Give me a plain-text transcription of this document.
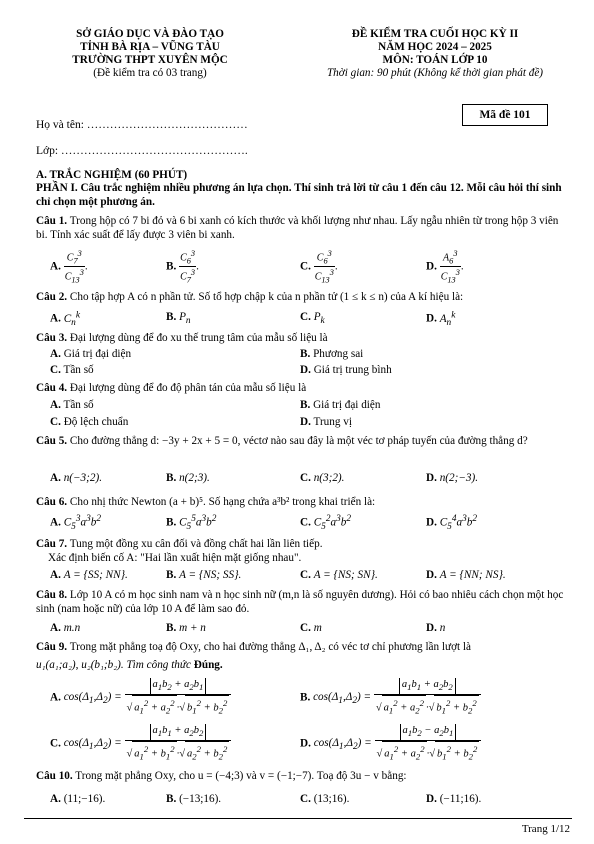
SỞ GIÁO DỤC VÀ ĐÀO TẠO
TỈNH BÀ RỊA – VŨNG TÀU
TRƯỜNG THPT XUYÊN MỘC
(Đề kiểm tra có 03 trang)
ĐỀ KIỂM TRA CUỐI HỌC KỲ II
NĂM HỌC 2024 – 2025
MÔN: TOÁN LỚP 10
Thời gian: 90 phút (Không kể thời gian phát đề)
Mã đề 101
Họ và tên: ……………………………………
Lớp: ………………………………………….
A. TRẮC NGHIỆM (60 PHÚT)
PHẦN I. Câu trắc nghiệm nhiều phương án lựa chọn. Thí sinh trả lời từ câu 1 đến câu 12. Mỗi câu hỏi thí sinh chỉ chọn một phương án.
Câu 1. Trong hộp có 7 bi đỏ và 6 bi xanh có kích thước và khối lượng như nhau. Lấy ngẫu nhiên từ trong hộp 3 viên bi. Tính xác suất để lấy được 3 viên bi xanh.
A. $\frac{C_7^3}{C_{13}^3}$ .	B. $\frac{C_6^3}{C_7^3}$ .	C. $\frac{C_6^3}{C_{13}^3}$ .	D. $\frac{A_6^3}{C_{13}^3}$ .
Câu 2. Cho tập hợp A có n phần tử. Số tổ hợp chập k của n phần tử (1 ≤ k ≤ n) của A kí hiệu là:
A. $C_n^k$	B. $P_n$	C. $P_k$	D. $A_n^k$
Câu 3. Đại lượng dùng để đo xu thế trung tâm của mẫu số liệu là
A. Giá trị đại diện	B. Phương sai
C. Tần số	D. Giá trị trung bình
Câu 4. Đại lượng dùng để đo độ phân tán của mẫu số liệu là
A. Tần số	B. Giá trị đại diện
C. Độ lệch chuẩn	D. Trung vị
Câu 5. Cho đường thẳng d: −3y + 2x + 5 = 0, véctơ nào sau đây là một véc tơ pháp tuyến của đường thẳng d?
A. n(−3;2).	B. n(2;3).	C. n(3;2).	D. n(2;−3).
Câu 6. Cho nhị thức Newton (a + b)⁵. Số hạng chứa a³b² trong khai triển là:
A. $C_5^3a^3b^2$	B. $C_5^5a^3b^2$	C. $C_5^2a^3b^2$	D. $C_5^4a^3b^2$
Câu 7. Tung một đồng xu cân đối và đồng chất hai lần liên tiếp.
Xác định biến cố A: "Hai lần xuất hiện mặt giống nhau".
A. A = {SS; NN}.	B. A = {NS; SS}.	C. A = {NS; SN}.	D. A = {NN; NS}.
Câu 8. Lớp 10 A có m học sinh nam và n học sinh nữ (m,n là số nguyên dương). Hỏi có bao nhiêu cách chọn một học sinh (nam hoặc nữ) của lớp 10 A để làm sao đỏ.
A. m.n	B. m + n	C. m	D. n
Câu 9. Trong mặt phẳng toạ độ Oxy, cho hai đường thẳng Δ₁, Δ₂ có véc tơ chỉ phương lần lượt là
u₁(a₁;a₂), u₂(b₁;b₂). Tìm công thức Đúng.
A. $\cos(\Delta_1,\Delta_2) = \frac{a_1b_2 + a_2b_1}{√ a_1^2 + a_2^2 \cdot√ b_1^2 + b_2^2}$	B. $\cos(\Delta_1,\Delta_2) = \frac{a_1b_1 + a_2b_2}{√ a_1^2 + a_2^2 \cdot√ b_1^2 + b_2^2}$
C. $\cos(\Delta_1,\Delta_2) = \frac{a_1b_1 + a_2b_2}{√ a_1^2 + b_1^2 \cdot√ a_2^2 + b_2^2}$	D. $\cos(\Delta_1,\Delta_2) = \frac{a_1b_2 - a_2b_1}{√ a_1^2 + a_2^2 \cdot√ b_1^2 + b_2^2}$
Câu 10. Trong mặt phẳng Oxy, cho u = (−4;3) và v = (−1;−7). Toạ độ 3u − v bằng:
A. (11;−16).	B. (−13;16).	C. (13;16).	D. (−11;16).
Trang 1/12
